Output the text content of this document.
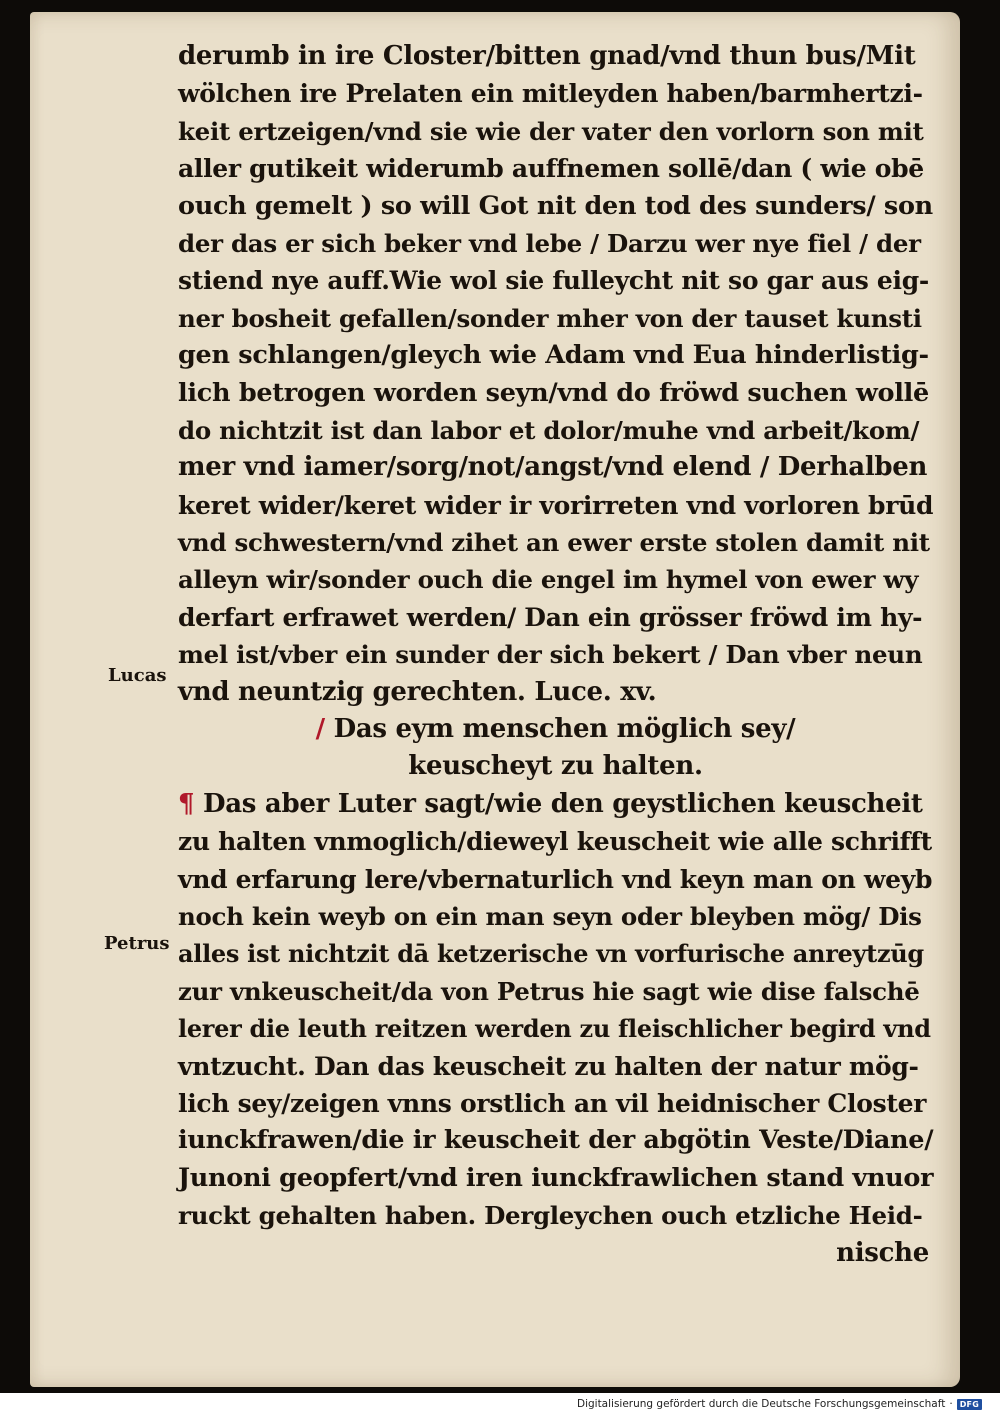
derumb in ire Closter/bitten gnad/vnd thun bus/Mit
wölchen ire Prelaten ein mitleyden haben/barmhertzi-
keit ertzeigen/vnd sie wie der vater den vorlorn son mit
aller gutikeit widerumb auffnemen sollē/dan ( wie obē
ouch gemelt ) so will Got nit den tod des sunders/ son
der das er sich beker vnd lebe / Darzu wer nye fiel / der
stiend nye auff.Wie wol sie fulleycht nit so gar aus eig-
ner bosheit gefallen/sonder mher von der tauset kunsti
gen schlangen/gleych wie Adam vnd Eua hinderlistig-
lich betrogen worden seyn/vnd do fröwd suchen wollē
do nichtzit ist dan labor et dolor/muhe vnd arbeit/kom/
mer vnd iamer/sorg/not/angst/vnd elend / Derhalben
keret wider/keret wider ir vorirreten vnd vorloren brūd
vnd schwestern/vnd zihet an ewer erste stolen damit nit
alleyn wir/sonder ouch die engel im hymel von ewer wy
derfart erfrawet werden/ Dan ein grösser fröwd im hy-
mel ist/vber ein sunder der sich bekert / Dan vber neun
vnd neuntzig gerechten. Luce. xv.
/ Das eym menschen möglich sey/
keuscheyt zu halten.
¶ Das aber Luter sagt/wie den geystlichen keuscheit
zu halten vnmoglich/dieweyl keuscheit wie alle schrifft
vnd erfarung lere/vbernaturlich vnd keyn man on weyb
noch kein weyb on ein man seyn oder bleyben mög/ Dis
alles ist nichtzit dā ketzerische vn vorfurische anreytzūg
zur vnkeuscheit/da von Petrus hie sagt wie dise falschē
lerer die leuth reitzen werden zu fleischlicher begird vnd
vntzucht. Dan das keuscheit zu halten der natur mög-
lich sey/zeigen vnns orstlich an vil heidnischer Closter
iunckfrawen/die ir keuscheit der abgötin Veste/Diane/
Junoni geopfert/vnd iren iunckfrawlichen stand vnuor
ruckt gehalten haben. Dergleychen ouch etzliche Heid-
nische
Lucas
Petrus
Digitalisierung gefördert durch die Deutsche Forschungsgemeinschaft · DFG
